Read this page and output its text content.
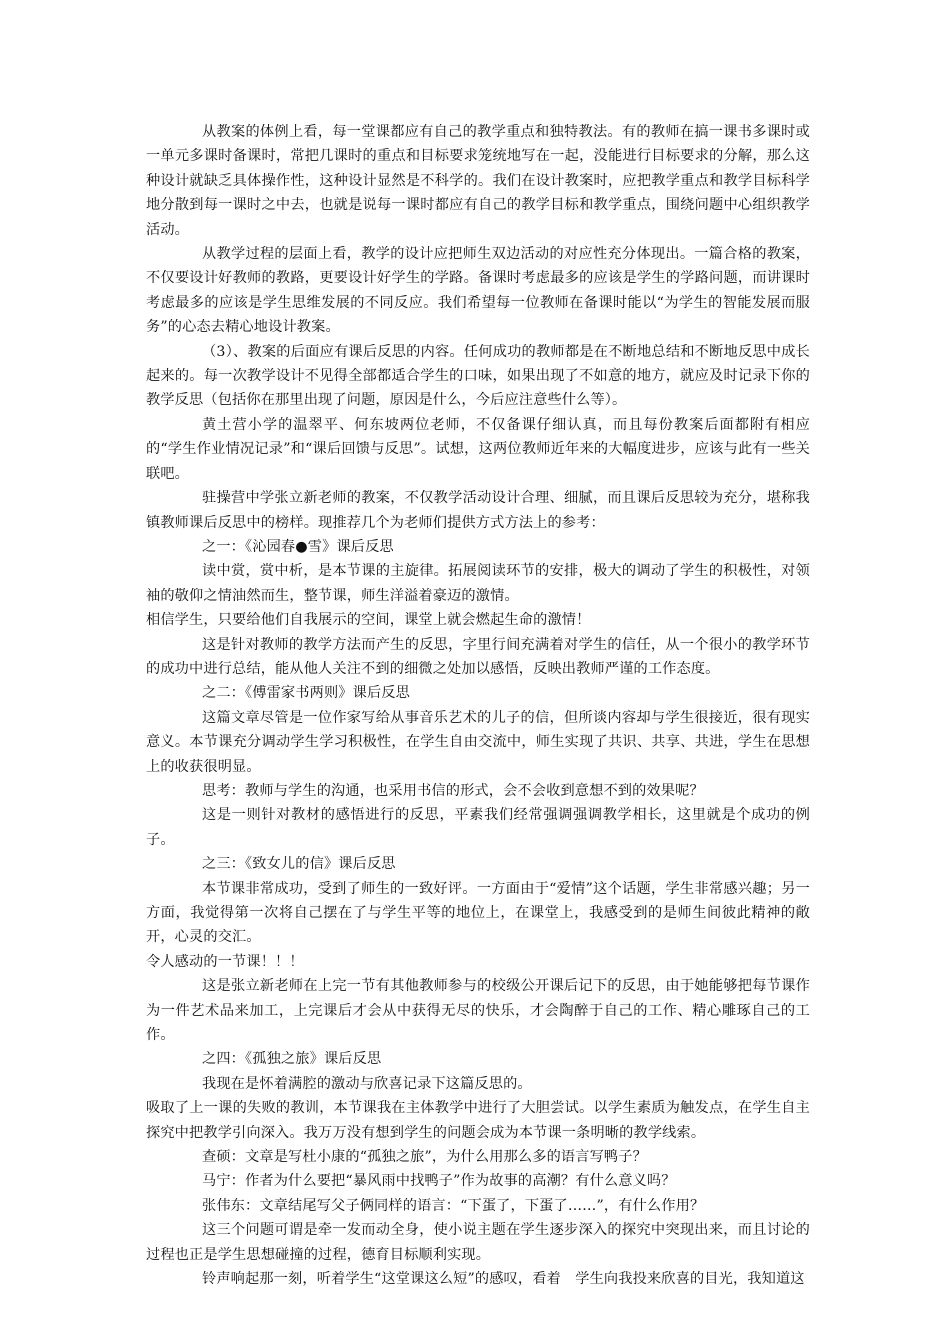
从教案的体例上看，每一堂课都应有自己的教学重点和独特教法。有的教师在搞一课书多课时或一单元多课时备课时，常把几课时的重点和目标要求笼统地写在一起，没能进行目标要求的分解，那么这种设计就缺乏具体操作性，这种设计显然是不科学的。我们在设计教案时，应把教学重点和教学目标科学地分散到每一课时之中去，也就是说每一课时都应有自己的教学目标和教学重点，围绕问题中心组织教学活动。

从教学过程的层面上看，教学的设计应把师生双边活动的对应性充分体现出。一篇合格的教案，不仅要设计好教师的教路，更要设计好学生的学路。备课时考虑最多的应该是学生的学路问题，而讲课时考虑最多的应该是学生思维发展的不同反应。我们希望每一位教师在备课时能以“为学生的智能发展而服务”的心态去精心地设计教案。

（3）、教案的后面应有课后反思的内容。任何成功的教师都是在不断地总结和不断地反思中成长起来的。每一次教学设计不见得全部都适合学生的口味，如果出现了不如意的地方，就应及时记录下你的教学反思（包括你在那里出现了问题，原因是什么，今后应注意些什么等）。

黄土营小学的温翠平、何东坡两位老师，不仅备课仔细认真，而且每份教案后面都附有相应的“学生作业情况记录”和“课后回馈与反思”。试想，这两位教师近年来的大幅度进步，应该与此有一些关联吧。

驻操营中学张立新老师的教案，不仅教学活动设计合理、细腻，而且课后反思较为充分，堪称我镇教师课后反思中的榜样。现推荐几个为老师们提供方式方法上的参考：

之一：《沁园春●雪》课后反思

读中赏，赏中析，是本节课的主旋律。拓展阅读环节的安排，极大的调动了学生的积极性，对领袖的敬仰之情油然而生，整节课，师生洋溢着豪迈的激情。

相信学生，只要给他们自我展示的空间，课堂上就会燃起生命的激情！

这是针对教师的教学方法而产生的反思，字里行间充满着对学生的信任，从一个很小的教学环节的成功中进行总结，能从他人关注不到的细微之处加以感悟，反映出教师严谨的工作态度。

之二：《傅雷家书两则》课后反思

这篇文章尽管是一位作家写给从事音乐艺术的儿子的信，但所谈内容却与学生很接近，很有现实意义。本节课充分调动学生学习积极性，在学生自由交流中，师生实现了共识、共享、共进，学生在思想上的收获很明显。

思考：教师与学生的沟通，也采用书信的形式，会不会收到意想不到的效果呢？

这是一则针对教材的感悟进行的反思，平素我们经常强调强调教学相长，这里就是个成功的例子。

之三：《致女儿的信》课后反思

本节课非常成功，受到了师生的一致好评。一方面由于“爱情”这个话题，学生非常感兴趣；另一方面，我觉得第一次将自己摆在了与学生平等的地位上，在课堂上，我感受到的是师生间彼此精神的敞开，心灵的交汇。

令人感动的一节课！！！

这是张立新老师在上完一节有其他教师参与的校级公开课后记下的反思，由于她能够把每节课作为一件艺术品来加工，上完课后才会从中获得无尽的快乐，才会陶醉于自己的工作、精心雕琢自己的工作。

之四：《孤独之旅》课后反思

我现在是怀着满腔的激动与欣喜记录下这篇反思的。

吸取了上一课的失败的教训，本节课我在主体教学中进行了大胆尝试。以学生素质为触发点，在学生自主探究中把教学引向深入。我万万没有想到学生的问题会成为本节课一条明晰的教学线索。

查硕：文章是写杜小康的“孤独之旅”，为什么用那么多的语言写鸭子？

马宁：作者为什么要把“暴风雨中找鸭子”作为故事的高潮？有什么意义吗？

张伟东：文章结尾写父子俩同样的语言：“下蛋了，下蛋了……”，有什么作用？

这三个问题可谓是牵一发而动全身，使小说主题在学生逐步深入的探究中突现出来，而且讨论的过程也正是学生思想碰撞的过程，德育目标顺利实现。

铃声响起那一刻，听着学生“这堂课这么短”的感叹，看着　学生向我投来欣喜的目光，我知道这
